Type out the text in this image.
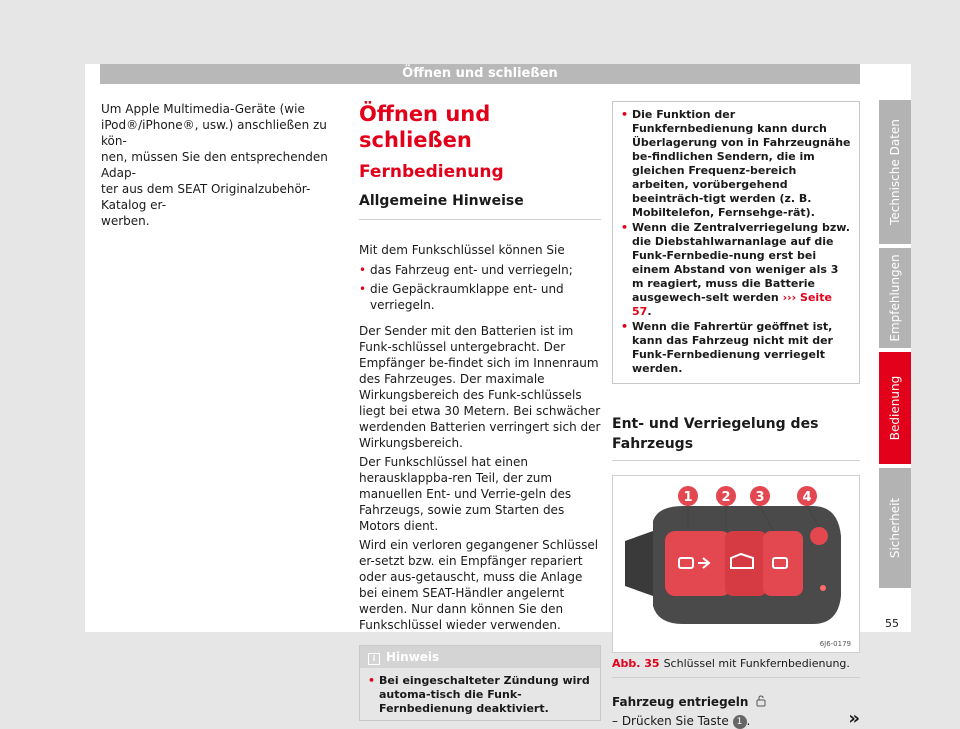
Öffnen und schließen
Um Apple Multimedia-Geräte (wie
iPod®/iPhone®, usw.) anschließen zu kön-
nen, müssen Sie den entsprechenden Adap-
ter aus dem SEAT Originalzubehör-Katalog er-
werben.
Öffnen und schließen
Fernbedienung
Allgemeine Hinweise

Mit dem Funkschlüssel können Sie

• das Fahrzeug ent- und verriegeln;
• die Gepäckraumklappe ent- und verriegeln.

Der Sender mit den Batterien ist im Funk-schlüssel untergebracht. Der Empfänger be-findet sich im Innenraum des Fahrzeuges. Der maximale Wirkungsbereich des Funk-schlüssels liegt bei etwa 30 Metern. Bei schwächer werdenden Batterien verringert sich der Wirkungsbereich.

Der Funkschlüssel hat einen herausklappba-ren Teil, der zum manuellen Ent- und Verrie-geln des Fahrzeugs, sowie zum Starten des Motors dient.

Wird ein verloren gegangener Schlüssel er-setzt bzw. ein Empfänger repariert oder aus-getauscht, muss die Anlage bei einem SEAT-Händler angelernt werden. Nur dann können Sie den Funkschlüssel wieder verwenden.

i Hinweis
• Bei eingeschalteter Zündung wird automa-tisch die Funk-Fernbedienung deaktiviert.
• Die Funktion der Funkfernbedienung kann durch Überlagerung von in Fahrzeugnähe be-findlichen Sendern, die im gleichen Frequenz-bereich arbeiten, vorübergehend beeinträch-tigt werden (z. B. Mobiltelefon, Fernsehge-rät).
• Wenn die Zentralverriegelung bzw. die Diebstahlwarnanlage auf die Funk-Fernbedie-nung erst bei einem Abstand von weniger als 3 m reagiert, muss die Batterie ausgewech-selt werden ››› Seite 57.
• Wenn die Fahrertür geöffnet ist, kann das Fahrzeug nicht mit der Funk-Fernbedienung verriegelt werden.
Ent- und Verriegelung des Fahrzeugs
1 2 3	4
6J6-0179
Abb. 35 Schlüssel mit Funkfernbedienung.
Fahrzeug entriegeln
– Drücken Sie Taste 1 .	»
Technische Daten
Empfehlungen
Bedienung
Sicherheit
55
